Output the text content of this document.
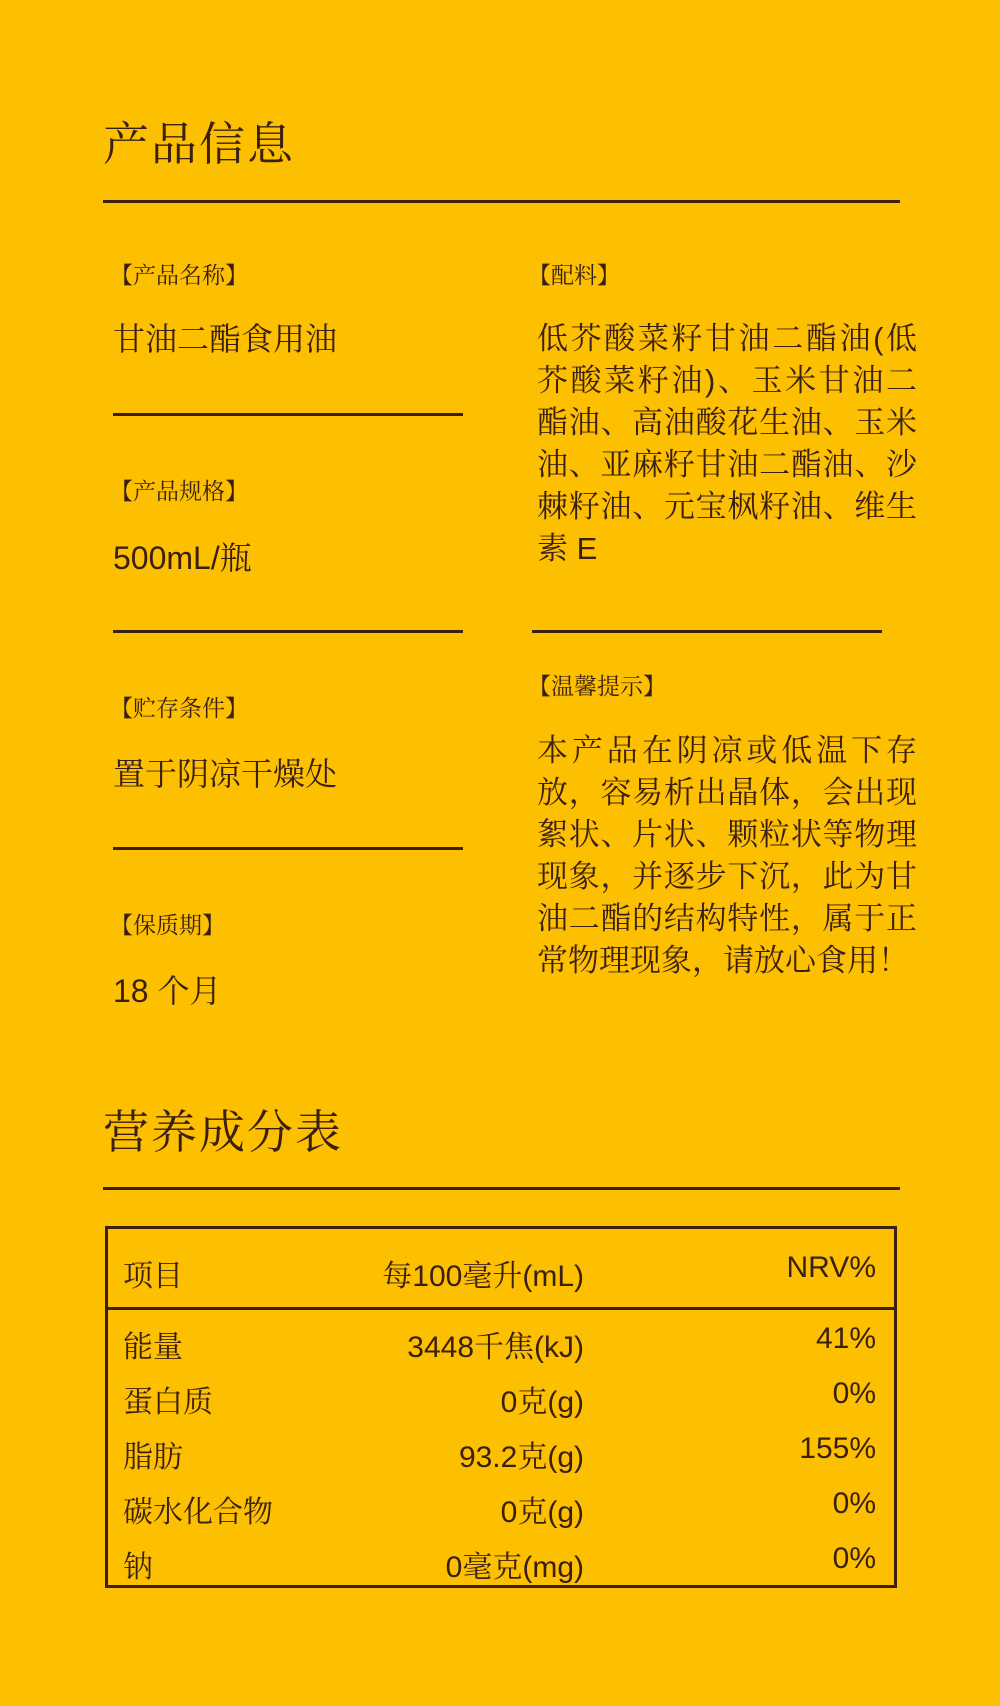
产品信息
【产品名称】
甘油二酯食用油
【产品规格】
500mL/瓶
【贮存条件】
置于阴凉干燥处
【保质期】
18 个月
【配料】
低芥酸菜籽甘油二酯油(低芥酸菜籽油)、玉米甘油二酯油、高油酸花生油、玉米油、亚麻籽甘油二酯油、沙棘籽油、元宝枫籽油、维生素 E
【温馨提示】
本产品在阴凉或低温下存放，容易析出晶体，会出现絮状、片状、颗粒状等物理现象，并逐步下沉，此为甘油二酯的结构特性，属于正常物理现象，请放心食用！
营养成分表
项目	每100毫升(mL)	NRV%
能量	3448千焦(kJ)	41%
蛋白质	0克(g)	0%
脂肪	93.2克(g)	155%
碳水化合物	0克(g)	0%
钠	0毫克(mg)	0%
